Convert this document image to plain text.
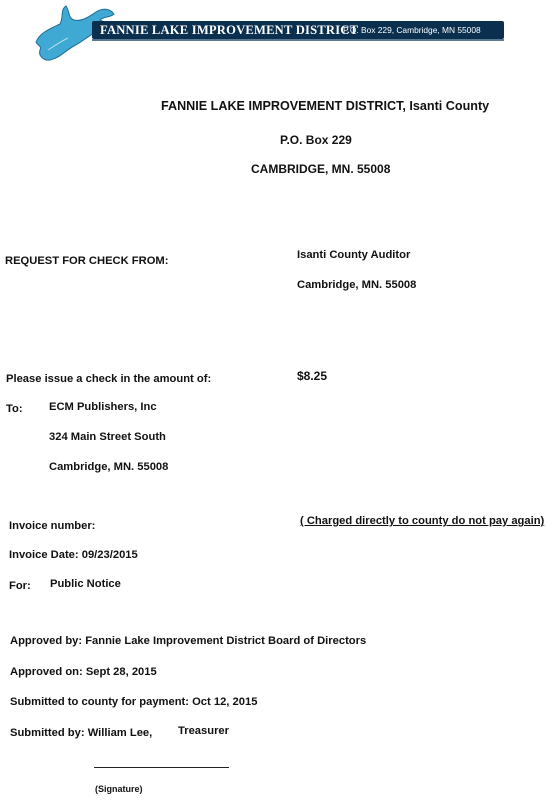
FANNIE LAKE IMPROVEMENT DISTRICT
P.O. Box 229, Cambridge, MN 55008
FANNIE LAKE IMPROVEMENT DISTRICT, Isanti County
P.O. Box 229
CAMBRIDGE, MN. 55008
REQUEST FOR CHECK FROM:	Isanti County Auditor
Cambridge, MN. 55008
Please issue a check in the amount of:	$8.25
To: ECM Publishers, Inc
324 Main Street South
Cambridge, MN. 55008
Invoice number:	( Charged directly to county do not pay again)
Invoice Date: 09/23/2015
For: Public Notice
Approved by: Fannie Lake Improvement District Board of Directors
Approved on: Sept 28, 2015
Submitted to county for payment: Oct 12, 2015
Submitted by: William Lee, Treasurer
(Signature)
